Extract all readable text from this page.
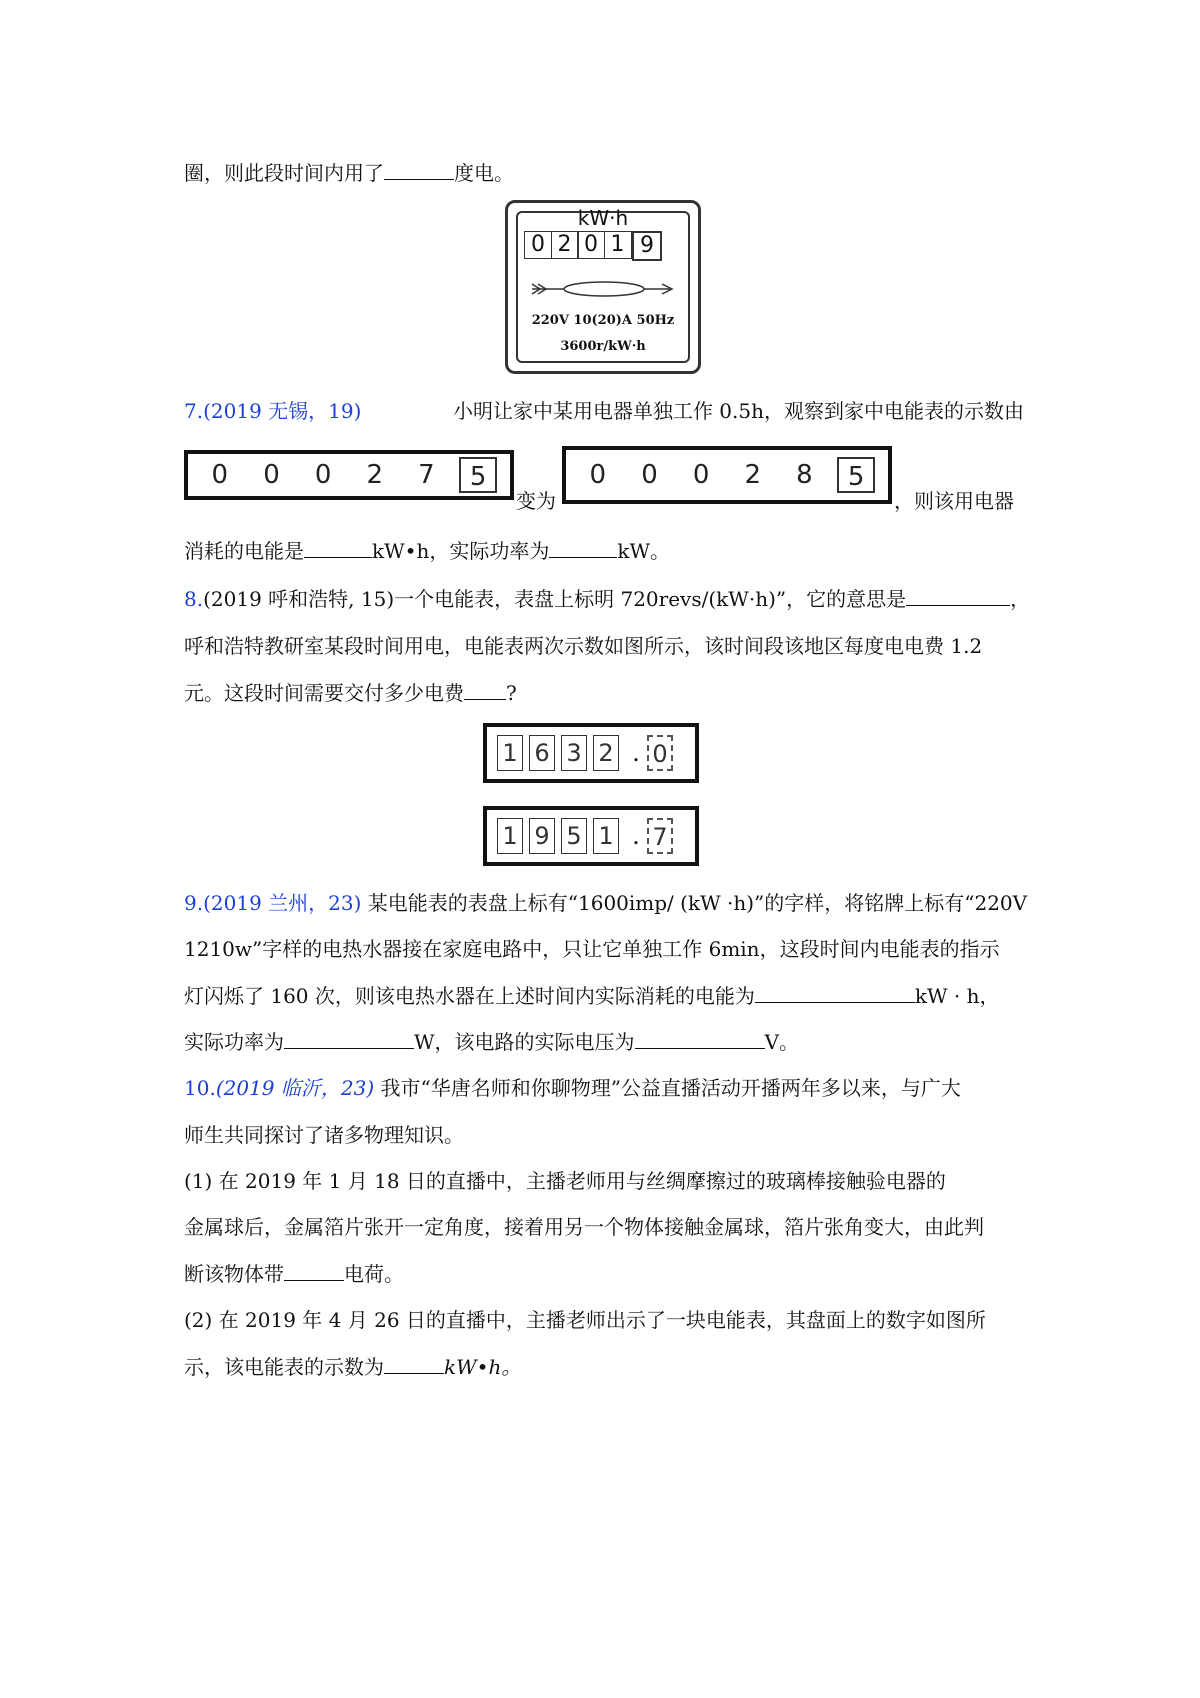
圈，则此段时间内用了	度电。
kW·h
0 2 0 1 9
220V 10(20)A 50Hz
3600r/kW·h
7.(2019 无锡，19)	小明让家中某用电器单独工作 0.5h，观察到家中电能表的示数由
0	0	0	2	7	5
变为
0	0	0	2	8	5
，则该用电器
消耗的电能是	kW•h，实际功率为	kW。
8.(2019 呼和浩特, 15)一个电能表，表盘上标明 720revs/(kW·h)”，它的意思是	，
呼和浩特教研室某段时间用电，电能表两次示数如图所示，该时间段该地区每度电电费 1.2
元。这段时间需要交付多少电费 ?
1 6 3 2 . 0
1 9 5 1 . 7
9.(2019 兰州，23) 某电能表的表盘上标有“1600imp/ (kW ·h)”的字样，将铭牌上标有“220V
1210w”字样的电热水器接在家庭电路中，只让它单独工作 6min，这段时间内电能表的指示
灯闪烁了 160 次，则该电热水器在上述时间内实际消耗的电能为	kW · h，
实际功率为	W，该电路的实际电压为	V。
10.(2019 临沂，23) 我市“华唐名师和你聊物理”公益直播活动开播两年多以来，与广大
师生共同探讨了诸多物理知识。
(1) 在 2019 年 1 月 18 日的直播中，主播老师用与丝绸摩擦过的玻璃棒接触验电器的
金属球后，金属箔片张开一定角度，接着用另一个物体接触金属球，箔片张角变大，由此判
断该物体带	电荷。
(2) 在 2019 年 4 月 26 日的直播中，主播老师出示了一块电能表，其盘面上的数字如图所
示，该电能表的示数为	kW•h。
